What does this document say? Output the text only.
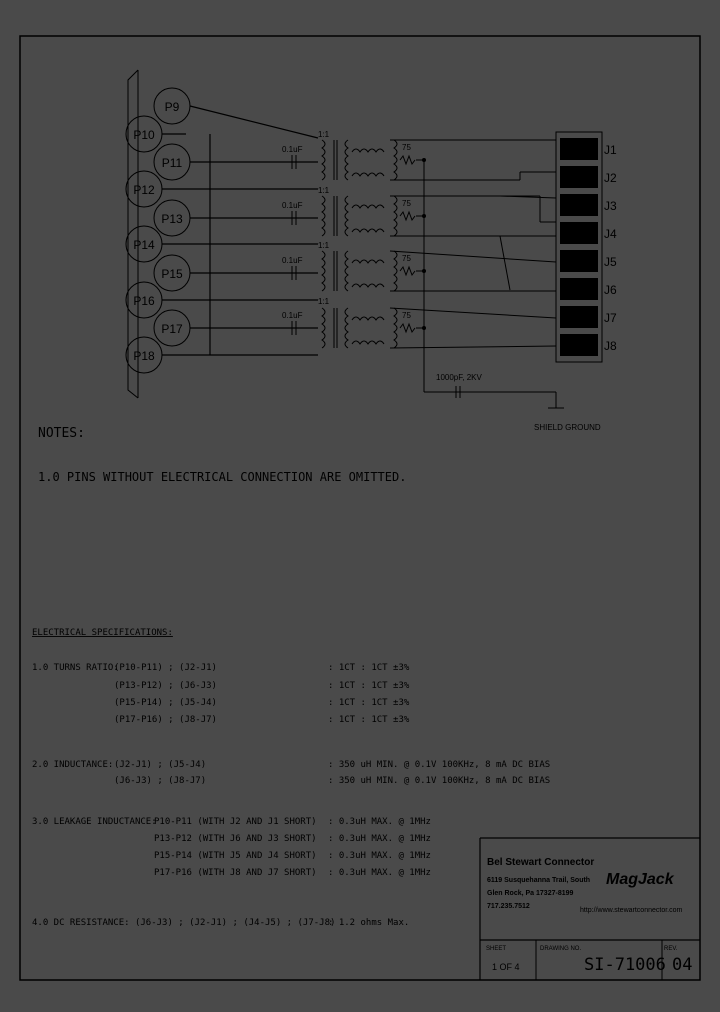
P10
P12
P14
P16
P18
P9
P11
P13
P15
P17
0.1uF
1:1
75
0.1uF
1:1
75
0.1uF
1:1
75
0.1uF
1:1
75
J1
J2
J3
J4
J5
J6
J7
J8
1000pF, 2KV
SHIELD GROUND
NOTES:
1.0 PINS WITHOUT ELECTRICAL CONNECTION ARE OMITTED.
ELECTRICAL SPECIFICATIONS:
1.0 TURNS RATIO:
(P10-P11) ; (J2-J1)	: 1CT : 1CT ±3%
(P13-P12) ; (J6-J3)	: 1CT : 1CT ±3%
(P15-P14) ; (J5-J4)	: 1CT : 1CT ±3%
(P17-P16) ; (J8-J7)	: 1CT : 1CT ±3%
2.0 INDUCTANCE: (J2-J1) ; (J5-J4)	: 350 uH MIN. @ 0.1V 100KHz, 8 mA DC BIAS
(J6-J3) ; (J8-J7)	: 350 uH MIN. @ 0.1V 100KHz, 8 mA DC BIAS
3.0 LEAKAGE INDUCTANCE:
P10-P11 (WITH J2 AND J1 SHORT) : 0.3uH MAX. @ 1MHz
P13-P12 (WITH J6 AND J3 SHORT) : 0.3uH MAX. @ 1MHz
P15-P14 (WITH J5 AND J4 SHORT) : 0.3uH MAX. @ 1MHz
P17-P16 (WITH J8 AND J7 SHORT) : 0.3uH MAX. @ 1MHz
4.0 DC RESISTANCE: (J6-J3) ; (J2-J1) ; (J4-J5) ; (J7-J8)
: 1.2 ohms Max.
Bel Stewart Connector
6119 Susquehanna Trail, South
Glen Rock, Pa 17327-8199
717.235.7512
MagJack
http://www.stewartconnector.com
SHEET
1 OF 4
DRAWING NO.
SI-71006
REV.
04
